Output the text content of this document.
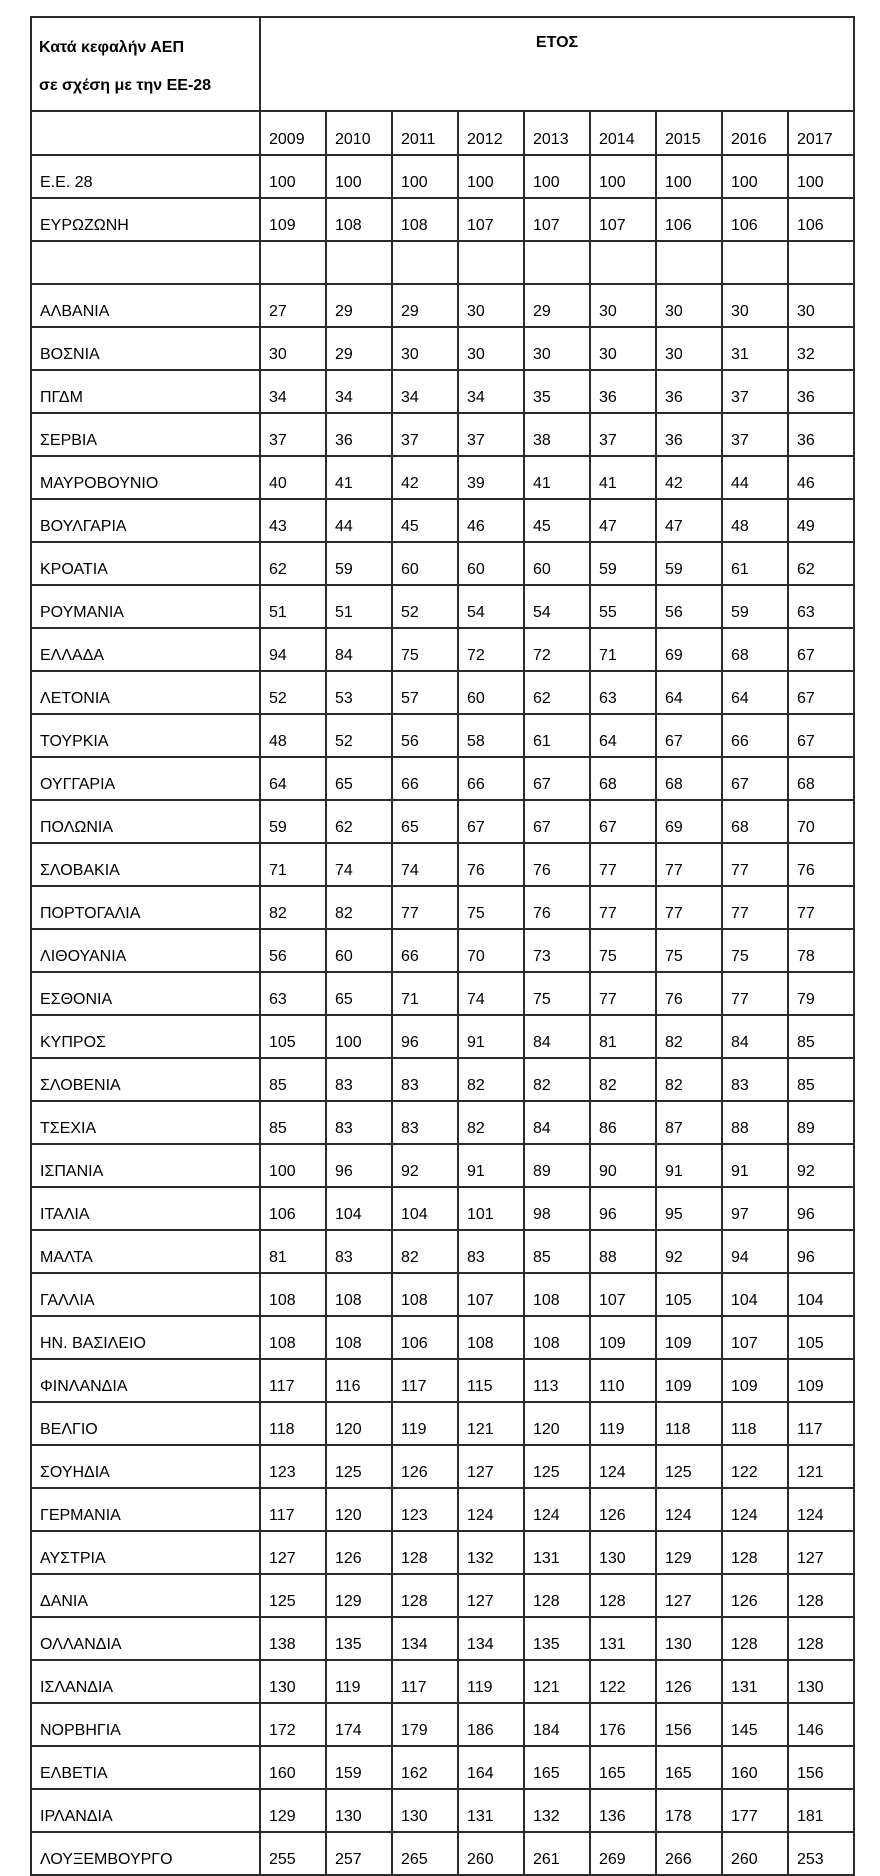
Κατά κεφαλήν ΑΕΠ
σε σχέση με την ΕΕ-28	ΕΤΟΣ								
	2009	2010	2011	2012	2013	2014	2015	2016	2017
Ε.Ε. 28	100	100	100	100	100	100	100	100	100
ΕΥΡΩΖΩΝΗ	109	108	108	107	107	107	106	106	106

ΑΛΒΑΝΙΑ	27	29	29	30	29	30	30	30	30
ΒΟΣΝΙΑ	30	29	30	30	30	30	30	31	32
ΠΓΔΜ	34	34	34	34	35	36	36	37	36
ΣΕΡΒΙΑ	37	36	37	37	38	37	36	37	36
ΜΑΥΡΟΒΟΥΝΙΟ	40	41	42	39	41	41	42	44	46
ΒΟΥΛΓΑΡΙΑ	43	44	45	46	45	47	47	48	49
ΚΡΟΑΤΙΑ	62	59	60	60	60	59	59	61	62
ΡΟΥΜΑΝΙΑ	51	51	52	54	54	55	56	59	63
ΕΛΛΑΔΑ	94	84	75	72	72	71	69	68	67
ΛΕΤΟΝΙΑ	52	53	57	60	62	63	64	64	67
ΤΟΥΡΚΙΑ	48	52	56	58	61	64	67	66	67
ΟΥΓΓΑΡΙΑ	64	65	66	66	67	68	68	67	68
ΠΟΛΩΝΙΑ	59	62	65	67	67	67	69	68	70
ΣΛΟΒΑΚΙΑ	71	74	74	76	76	77	77	77	76
ΠΟΡΤΟΓΑΛΙΑ	82	82	77	75	76	77	77	77	77
ΛΙΘΟΥΑΝΙΑ	56	60	66	70	73	75	75	75	78
ΕΣΘΟΝΙΑ	63	65	71	74	75	77	76	77	79
ΚΥΠΡΟΣ	105	100	96	91	84	81	82	84	85
ΣΛΟΒΕΝΙΑ	85	83	83	82	82	82	82	83	85
ΤΣΕΧΙΑ	85	83	83	82	84	86	87	88	89
ΙΣΠΑΝΙΑ	100	96	92	91	89	90	91	91	92
ΙΤΑΛΙΑ	106	104	104	101	98	96	95	97	96
ΜΑΛΤΑ	81	83	82	83	85	88	92	94	96
ΓΑΛΛΙΑ	108	108	108	107	108	107	105	104	104
ΗΝ. ΒΑΣΙΛΕΙΟ	108	108	106	108	108	109	109	107	105
ΦΙΝΛΑΝΔΙΑ	117	116	117	115	113	110	109	109	109
ΒΕΛΓΙΟ	118	120	119	121	120	119	118	118	117
ΣΟΥΗΔΙΑ	123	125	126	127	125	124	125	122	121
ΓΕΡΜΑΝΙΑ	117	120	123	124	124	126	124	124	124
ΑΥΣΤΡΙΑ	127	126	128	132	131	130	129	128	127
ΔΑΝΙΑ	125	129	128	127	128	128	127	126	128
ΟΛΛΑΝΔΙΑ	138	135	134	134	135	131	130	128	128
ΙΣΛΑΝΔΙΑ	130	119	117	119	121	122	126	131	130
ΝΟΡΒΗΓΙΑ	172	174	179	186	184	176	156	145	146
ΕΛΒΕΤΙΑ	160	159	162	164	165	165	165	160	156
ΙΡΛΑΝΔΙΑ	129	130	130	131	132	136	178	177	181
ΛΟΥΞΕΜΒΟΥΡΓΟ	255	257	265	260	261	269	266	260	253
